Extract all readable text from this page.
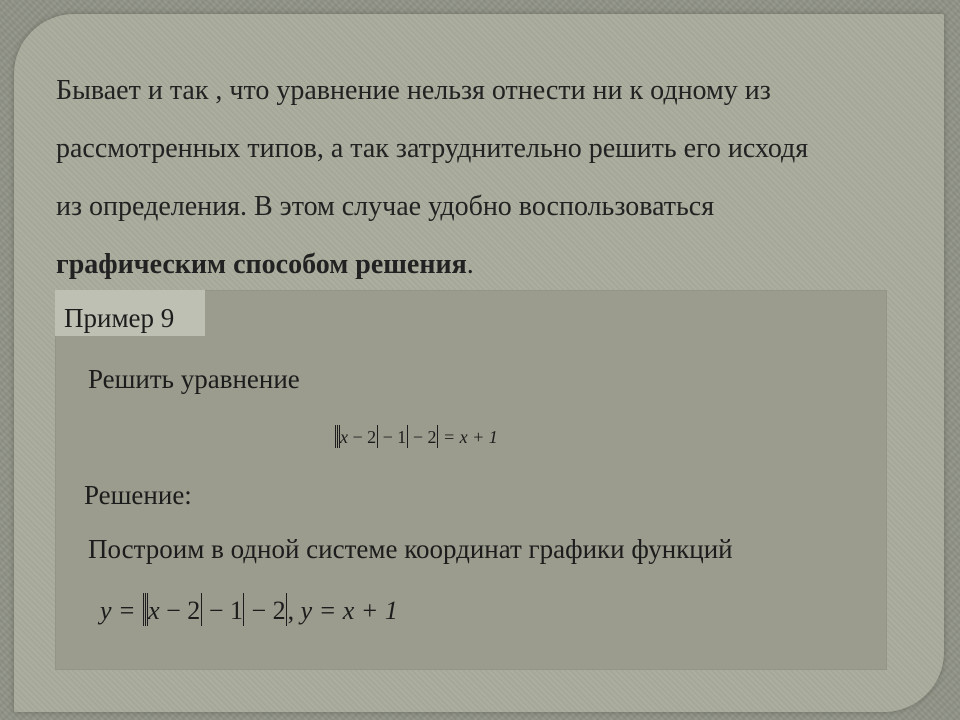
Бывает и так , что уравнение нельзя отнести ни к одному из
рассмотренных типов, а так затруднительно решить его исходя
из определения. В этом случае удобно воспользоваться
графическим способом решения.

Пример 9
Решить уравнение
x − 2 − 1 − 2 = x + 1
Решение:
Построим в одной системе координат графики функций
y = x − 2 − 1 − 2, y = x + 1
